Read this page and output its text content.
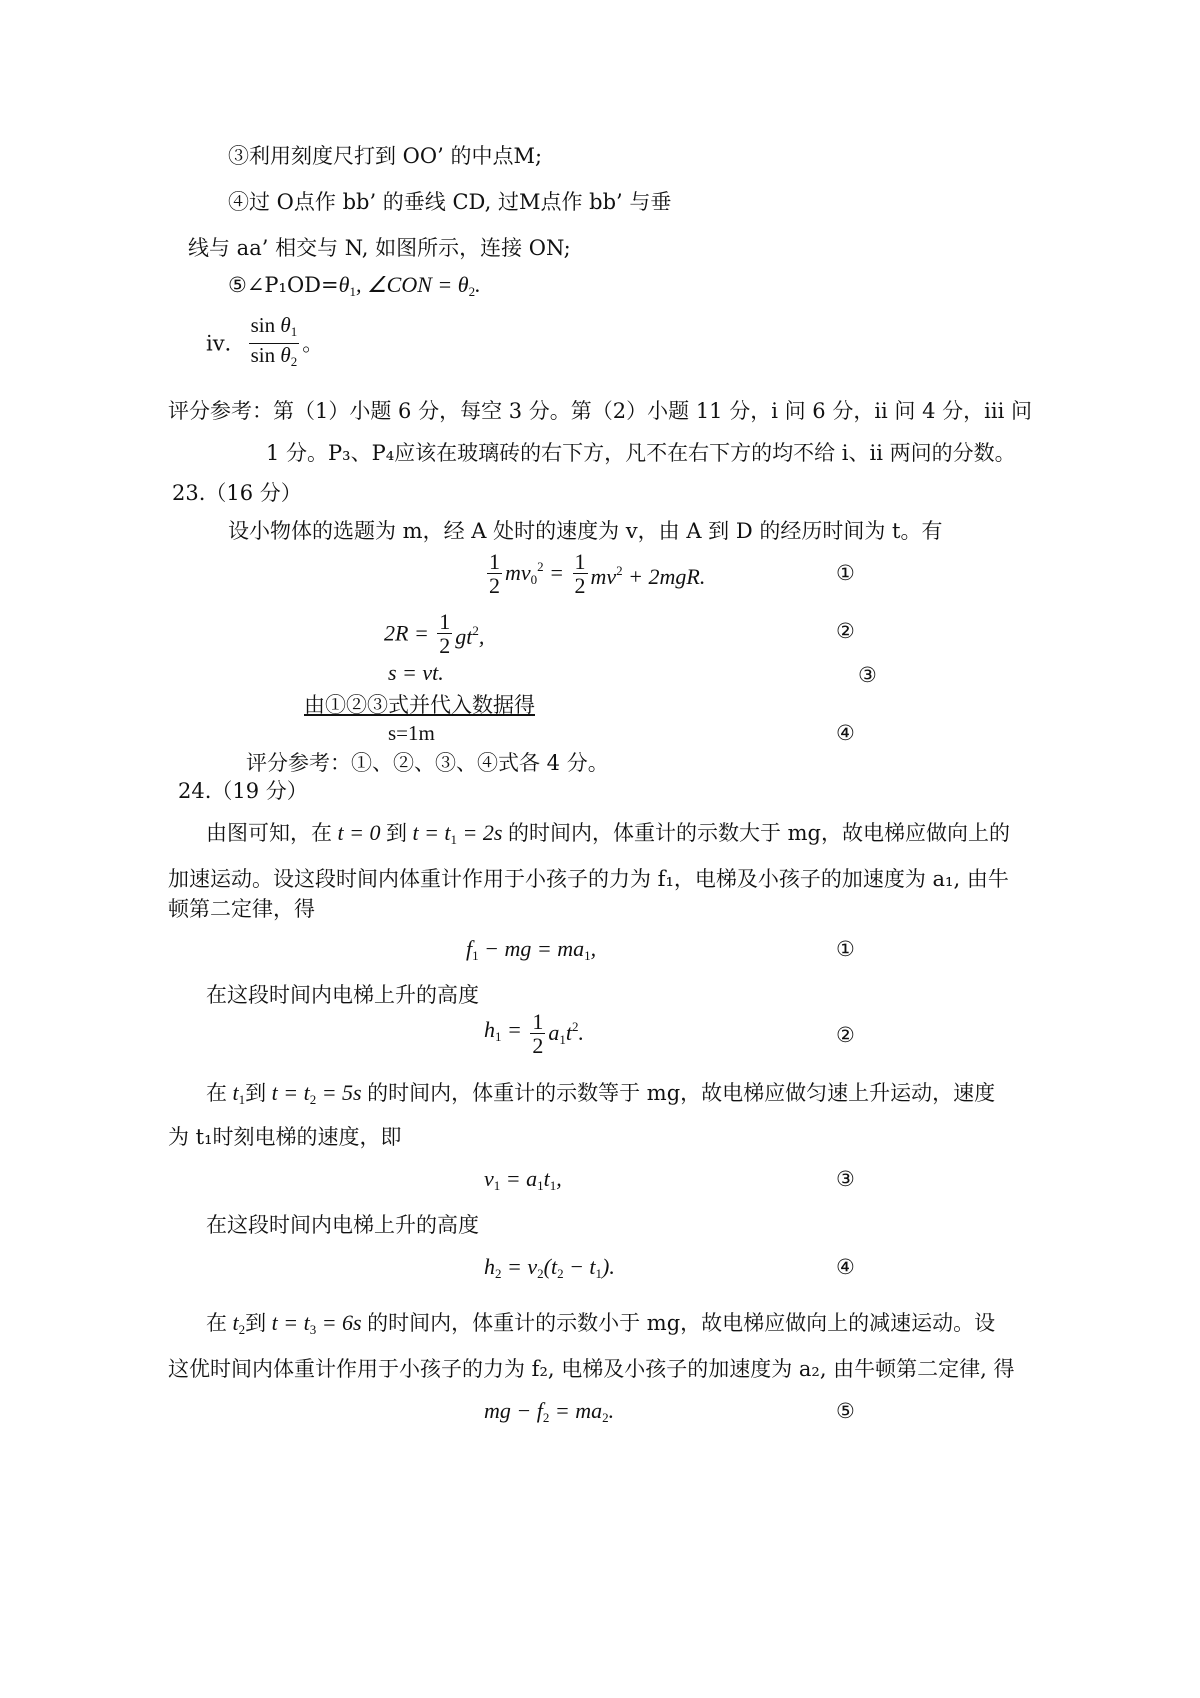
③利用刻度尺打到 OO’ 的中点M;
④过 O点作 bb’ 的垂线 CD, 过M点作 bb’ 与垂
线与 aa’ 相交与 N, 如图所示，连接 ON;
$⑤\angle P_1OD=\theta_1$, ∠CON = $\theta_2$.
iv． $\frac{\sin \theta_1}{\sin \theta_2}$ 。
评分参考：第（1）小题 6 分，每空 3 分。第（2）小题 11 分，i 问 6 分，ii 问 4 分，iii 问
1 分。P₃、P₄应该在玻璃砖的右下方，凡不在右下方的均不给 i、ii 两问的分数。
23.（16 分）
设小物体的选题为 m，经 A 处时的速度为 v，由 A 到 D 的经历时间为 t。有
$\frac{1}{2} mv_0^2 = \frac{1}{2} mv^2 + 2mgR$.	①
$2R = \frac{1}{2} gt^2$,	②
s = vt.	③
由①②③式并代入数据得
s=1m	④
评分参考：①、②、③、④式各 4 分。
24.（19 分）
由图可知，在 t = 0 到 $t = t_1 = 2s$ 的时间内，体重计的示数大于 mg，故电梯应做向上的
加速运动。设这段时间内体重计作用于小孩子的力为 f₁，电梯及小孩子的加速度为 a₁, 由牛
顿第二定律，得
$f_1$ − mg = $ma_1$,	①
在这段时间内电梯上升的高度
$h_1 = \frac{1}{2} a_1t^2$.	②
在 $t_1$到 $t = t_2 = 5s$ 的时间内，体重计的示数等于 mg，故电梯应做匀速上升运动，速度
为 t₁时刻电梯的速度，即
$v_1 = a_1t_1$,	③
在这段时间内电梯上升的高度
$h_2 = v_2(t_2 - t_1)$.	④
在 $t_2$到 $t = t_3 = 6s$ 的时间内，体重计的示数小于 mg，故电梯应做向上的减速运动。设
这优时间内体重计作用于小孩子的力为 f₂, 电梯及小孩子的加速度为 a₂, 由牛顿第二定律, 得
mg − $f_2 = ma_2$.	⑤
